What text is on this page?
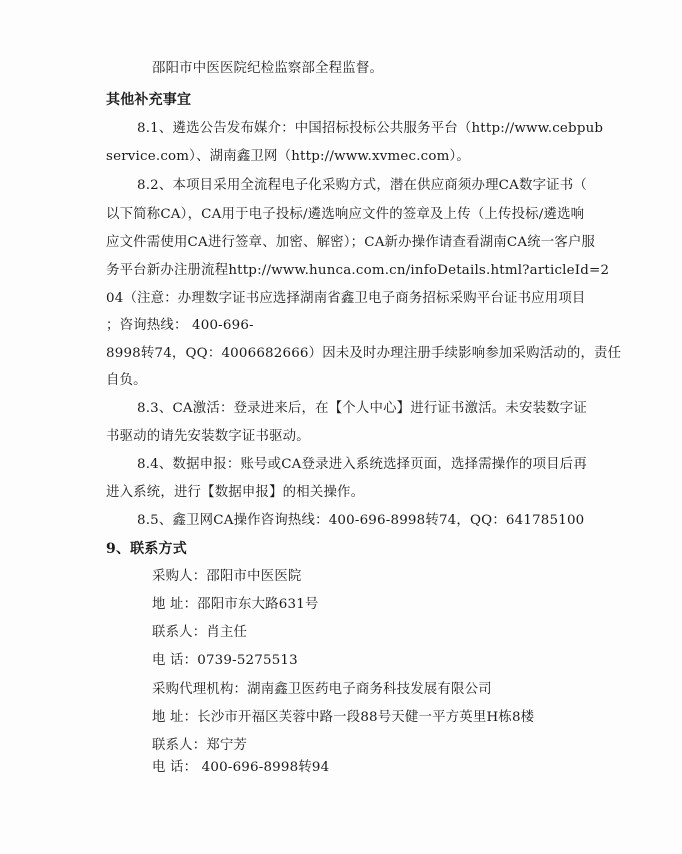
邵阳市中医医院纪检监察部全程监督。
其他补充事宜
8.1、遴选公告发布媒介：中国招标投标公共服务平台（http://www.cebpub
service.com）、湖南鑫卫网（http://www.xvmec.com）。
8.2、本项目采用全流程电子化采购方式，潜在供应商须办理CA数字证书（
以下简称CA），CA用于电子投标/遴选响应文件的签章及上传（上传投标/遴选响
应文件需使用CA进行签章、加密、解密）；CA新办操作请查看湖南CA统一客户服
务平台新办注册流程http://www.hunca.com.cn/infoDetails.html?articleId=2
04（注意：办理数字证书应选择湖南省鑫卫电子商务招标采购平台证书应用项目
；咨询热线： 400-696-
8998转74，QQ：4006682666）因未及时办理注册手续影响参加采购活动的，责任
自负。
8.3、CA激活：登录进来后，在【个人中心】进行证书激活。未安装数字证
书驱动的请先安装数字证书驱动。
8.4、数据申报：账号或CA登录进入系统选择页面，选择需操作的项目后再
进入系统，进行【数据申报】的相关操作。
8.5、鑫卫网CA操作咨询热线：400-696-8998转74，QQ：641785100
9、联系方式
采购人：邵阳市中医医院
地 址：邵阳市东大路631号
联系人：肖主任
电 话：0739-5275513
采购代理机构：湖南鑫卫医药电子商务科技发展有限公司
地 址：长沙市开福区芙蓉中路一段88号天健一平方英里H栋8楼
联系人：郑宁芳
电 话： 400-696-8998转94
